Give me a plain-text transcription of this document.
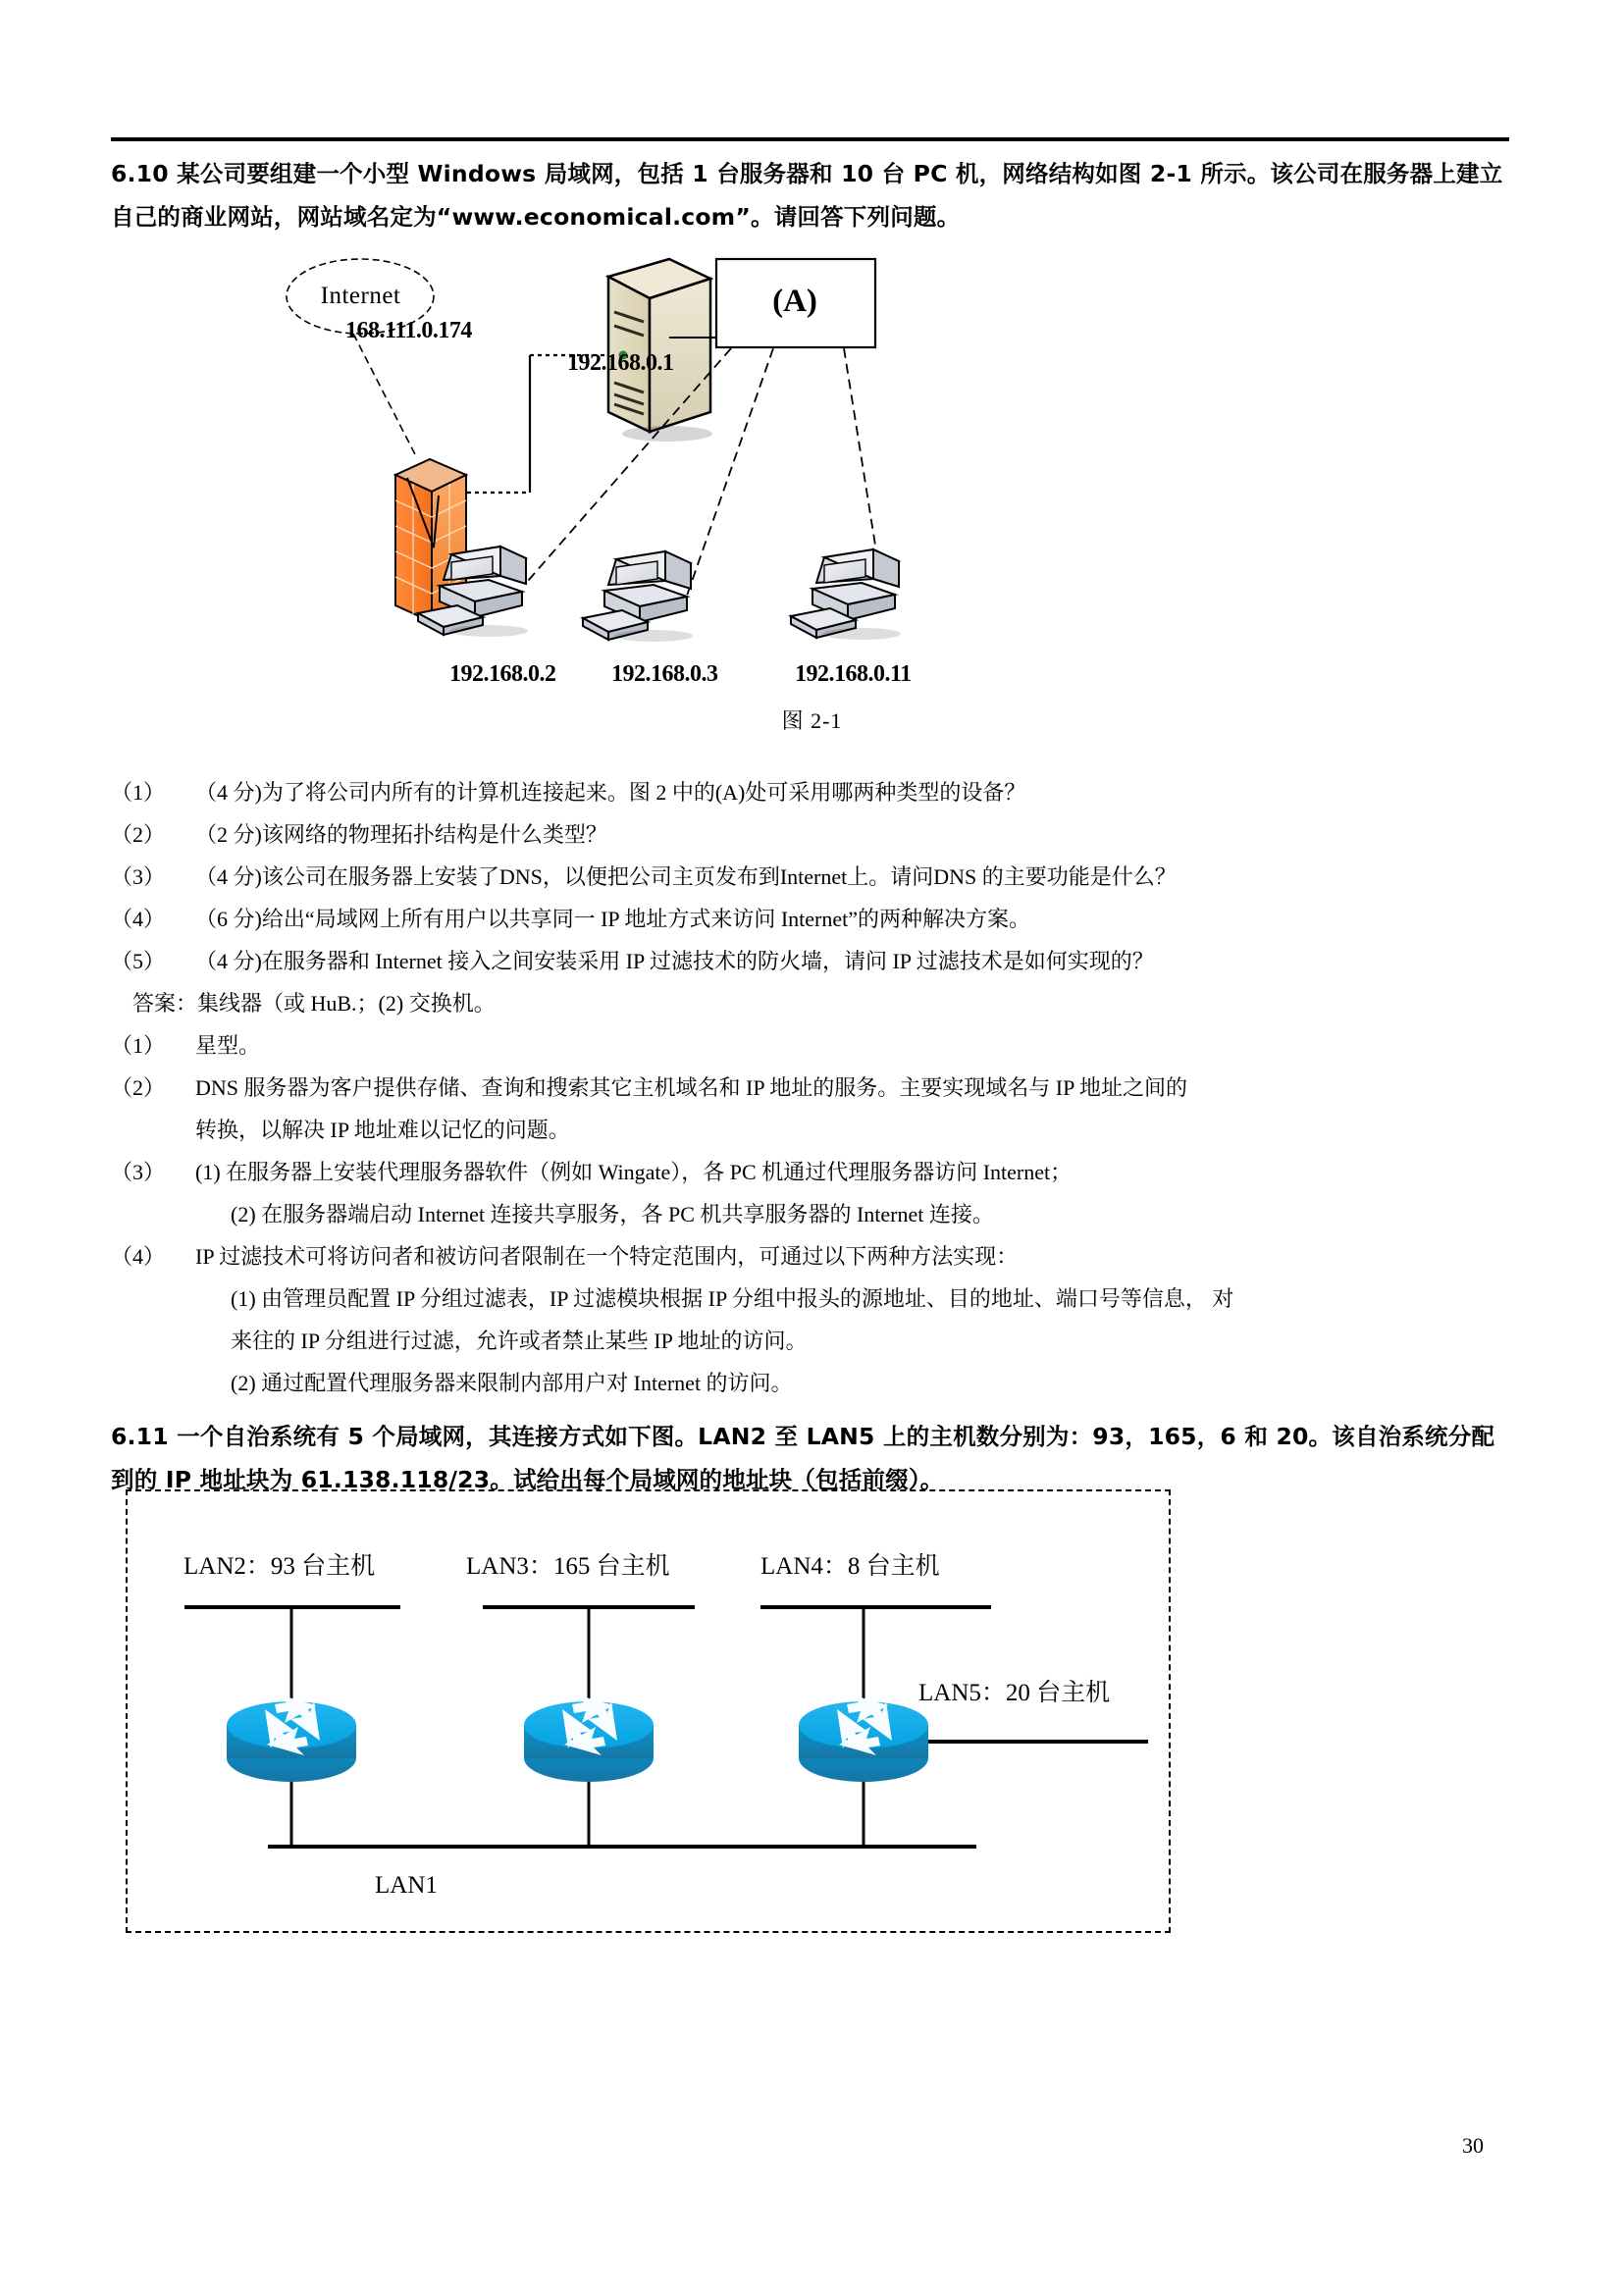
6.10 某公司要组建一个小型 Windows 局域网，包括 1 台服务器和 10 台 PC 机，网络结构如图 2-1 所示。该公司在服务器上建立自己的商业网站，网站域名定为“www.economical.com”。请回答下列问题。
Internet	(A)
168.111.0.174
192.168.0.1
192.168.0.2 192.168.0.3	192.168.0.11
图 2-1
（1）	（4 分)为了将公司内所有的计算机连接起来。图 2 中的(A)处可采用哪两种类型的设备？
（2）	（2 分)该网络的物理拓扑结构是什么类型？
（3）	（4 分)该公司在服务器上安装了DNS，以便把公司主页发布到Internet上。请问DNS 的主要功能是什么？
（4）	（6 分)给出“局域网上所有用户以共享同一 IP 地址方式来访问 Internet”的两种解决方案。
（5）	（4 分)在服务器和 Internet 接入之间安装采用 IP 过滤技术的防火墙，请问 IP 过滤技术是如何实现的？
答案：集线器（或 HuB.；(2) 交换机。
（1）	星型。
（2）	DNS 服务器为客户提供存储、查询和搜索其它主机域名和 IP 地址的服务。主要实现域名与 IP 地址之间的
转换，以解决 IP 地址难以记忆的问题。
（3）	(1) 在服务器上安装代理服务器软件（例如 Wingate），各 PC 机通过代理服务器访问 Internet；
(2) 在服务器端启动 Internet 连接共享服务，各 PC 机共享服务器的 Internet 连接。
（4）	IP 过滤技术可将访问者和被访问者限制在一个特定范围内，可通过以下两种方法实现：
(1) 由管理员配置 IP 分组过滤表，IP 过滤模块根据 IP 分组中报头的源地址、目的地址、端口号等信息， 对
来往的 IP 分组进行过滤，允许或者禁止某些 IP 地址的访问。
(2) 通过配置代理服务器来限制内部用户对 Internet 的访问。
6.11 一个自治系统有 5 个局域网，其连接方式如下图。LAN2 至 LAN5 上的主机数分别为：93，165，6 和 20。该自治系统分配到的 IP 地址块为 61.138.118/23。试给出每个局域网的地址块（包括前缀）。
LAN2：93 台主机	LAN3：165 台主机	LAN4：8 台主机
LAN5：20 台主机
LAN1
30
